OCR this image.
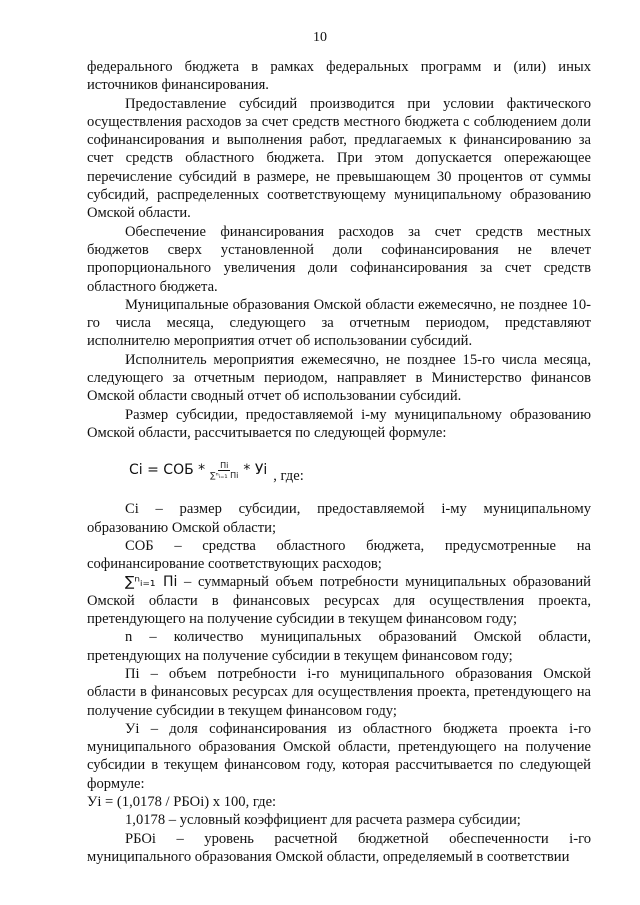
10

федерального бюджета в рамках федеральных программ и (или) иных источников финансирования.

Предоставление субсидий производится при условии фактического осуществления расходов за счет средств местного бюджета с соблюдением доли софинансирования и выполнения работ, предлагаемых к финансированию за счет средств областного бюджета. При этом допускается опережающее перечисление субсидий в размере, не превышающем 30 процентов от суммы субсидий, распределенных соответствующему муниципальному образованию Омской области.

Обеспечение финансирования расходов за счет средств местных бюджетов сверх установленной доли софинансирования не влечет пропорционального увеличения доли софинансирования за счет средств областного бюджета.

Муниципальные образования Омской области ежемесячно, не позднее 10-го числа месяца, следующего за отчетным периодом, представляют исполнителю мероприятия отчет об использовании субсидий.

Исполнитель мероприятия ежемесячно, не позднее 15-го числа месяца, следующего за отчетным периодом, направляет в Министерство финансов Омской области сводный отчет об использовании субсидий.

Размер субсидии, предоставляемой i-му муниципальному образованию Омской области, рассчитывается по следующей формуле:

Ci = СОБ * $\frac{Пi}{\text{∑ⁿᵢ₌₁ Пi}}$ * Уi , где:

Ci – размер субсидии, предоставляемой i-му муниципальному образованию Омской области;

СОБ – средства областного бюджета, предусмотренные на софинансирование соответствующих расходов;

∑ⁿᵢ₌₁ Пi – суммарный объем потребности муниципальных образований Омской области в финансовых ресурсах для осуществления проекта, претендующего на получение субсидии в текущем финансовом году;

n – количество муниципальных образований Омской области, претендующих на получение субсидии в текущем финансовом году;

Пi – объем потребности i-го муниципального образования Омской области в финансовых ресурсах для осуществления проекта, претендующего на получение субсидии в текущем финансовом году;

Уi – доля софинансирования из областного бюджета проекта i-го муниципального образования Омской области, претендующего на получение субсидии в текущем финансовом году, которая рассчитывается по следующей формуле:

Уi = (1,0178 / РБОi) х 100, где:

1,0178 – условный коэффициент для расчета размера субсидии;

РБОi – уровень расчетной бюджетной обеспеченности i-го муниципального образования Омской области, определяемый в соответствии
